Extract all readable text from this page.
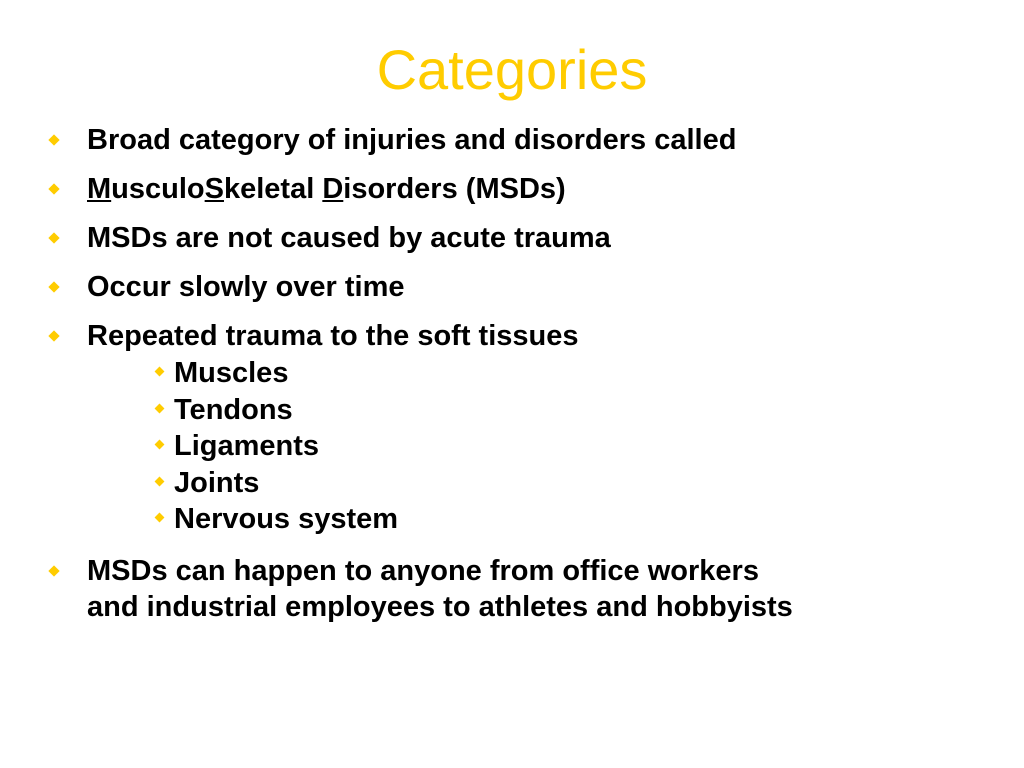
Categories
Broad category of injuries and disorders called
MusculoSkeletal Disorders (MSDs)
MSDs are not caused by acute trauma
Occur slowly over time
Repeated trauma to the soft tissues
Muscles
Tendons
Ligaments
Joints
Nervous system
MSDs can happen to anyone from office workers
and industrial employees to athletes and hobbyists
